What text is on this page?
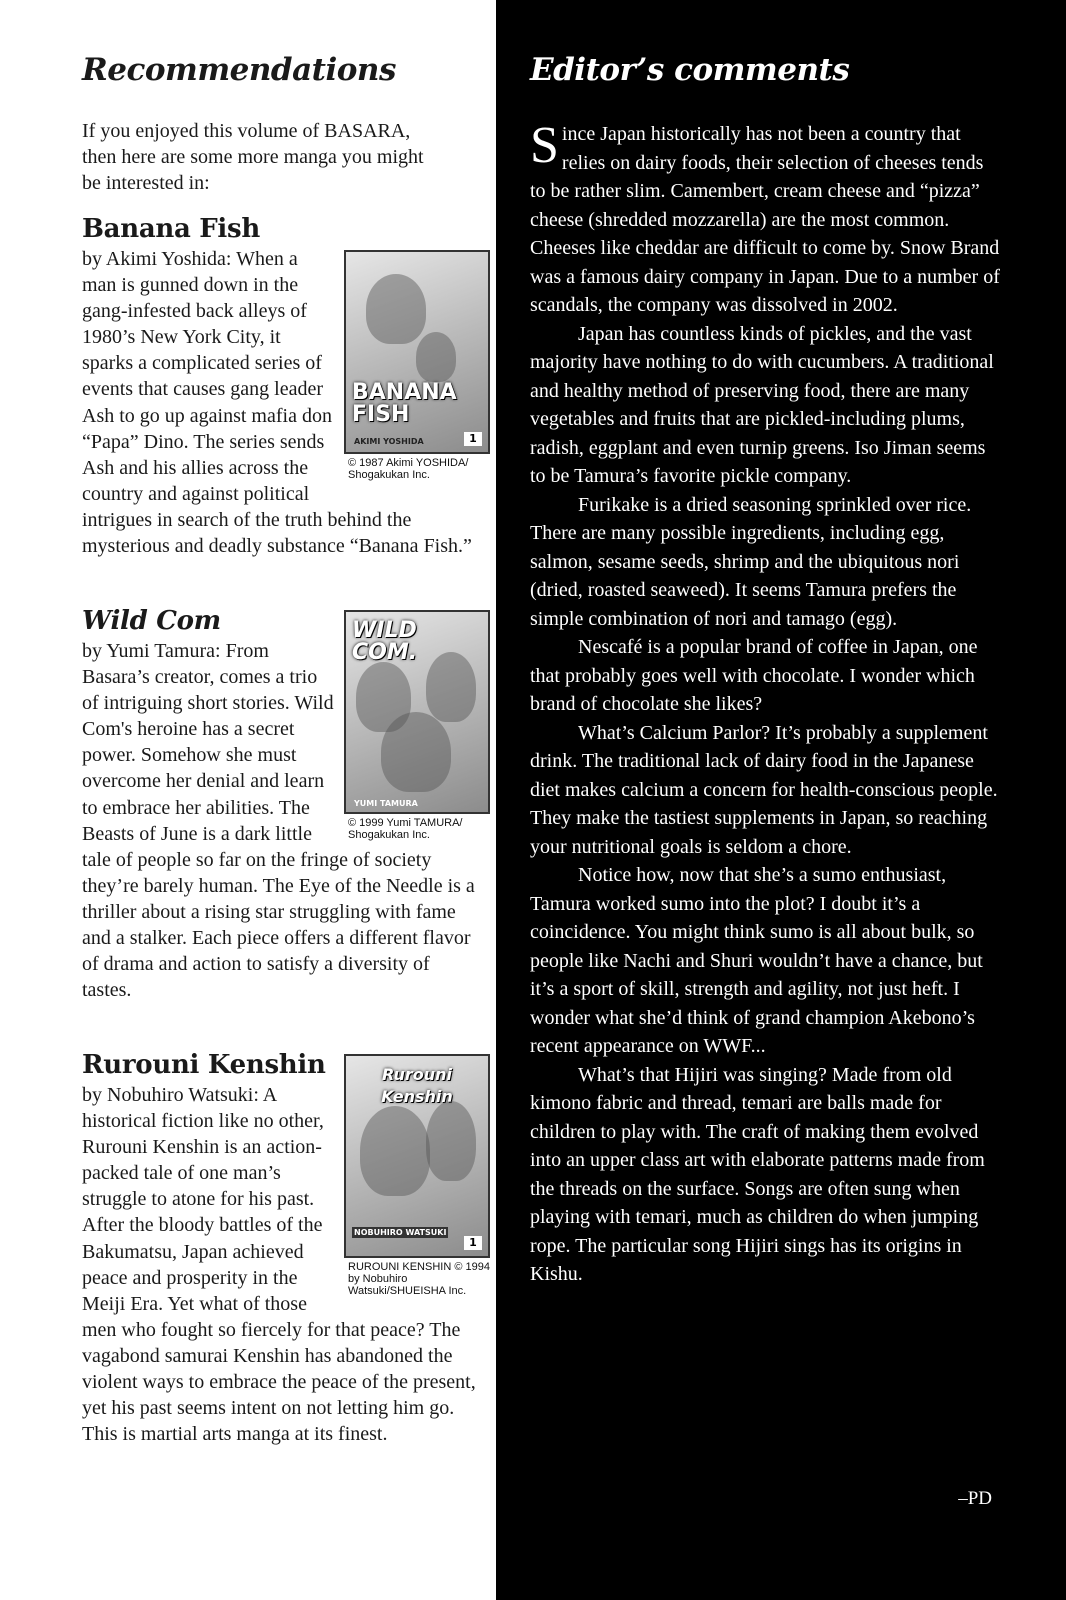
Recommendations

If you enjoyed this volume of BASARA, then here are some more manga you might be interested in:

Banana Fish
BANANA FISH
AKIMI YOSHIDA	1
© 1987 Akimi YOSHIDA/ Shogakukan Inc.

by Akimi Yoshida: When a man is gunned down in the gang-infested back alleys of 1980’s New York City, it sparks a complicated series of events that causes gang leader Ash to go up against mafia don “Papa” Dino. The series sends Ash and his allies across the country and against political intrigues in search of the truth behind the mysterious and deadly substance “Banana Fish.”

Wild Com	WILD COM.
YUMI TAMURA
© 1999 Yumi TAMURA/ Shogakukan Inc.

by Yumi Tamura: From Basara’s creator, comes a trio of intriguing short stories. Wild Com's heroine has a secret power. Somehow she must overcome her denial and learn to embrace her abilities. The Beasts of June is a dark little tale of people so far on the fringe of society they’re barely human. The Eye of the Needle is a thriller about a rising star struggling with fame and a stalker. Each piece offers a different flavor of drama and action to satisfy a diversity of tastes.

Rurouni Kenshin	Rurouni Kenshin
NOBUHIRO WATSUKI
1
RUROUNI KENSHIN © 1994 by Nobuhiro Watsuki/SHUEISHA Inc.

by Nobuhiro Watsuki: A historical fiction like no other, Rurouni Kenshin is an action-packed tale of one man’s struggle to atone for his past. After the bloody battles of the Bakumatsu, Japan achieved peace and prosperity in the Meiji Era. Yet what of those men who fought so fiercely for that peace? The vagabond samurai Kenshin has abandoned the violent ways to embrace the peace of the present, yet his past seems intent on not letting him go. This is martial arts manga at its finest.

Editor’s comments

Since Japan historically has not been a country that relies on dairy foods, their selection of cheeses tends to be rather slim. Camembert, cream cheese and “pizza” cheese (shredded mozzarella) are the most common. Cheeses like cheddar are difficult to come by. Snow Brand was a famous dairy company in Japan. Due to a number of scandals, the company was dissolved in 2002.

Japan has countless kinds of pickles, and the vast majority have nothing to do with cucumbers. A traditional and healthy method of preserving food, there are many vegetables and fruits that are pickled-including plums, radish, eggplant and even turnip greens. Iso Jiman seems to be Tamura’s favorite pickle company.

Furikake is a dried seasoning sprinkled over rice. There are many possible ingredients, including egg, salmon, sesame seeds, shrimp and the ubiquitous nori (dried, roasted seaweed). It seems Tamura prefers the simple combination of nori and tamago (egg).

Nescafé is a popular brand of coffee in Japan, one that probably goes well with chocolate. I wonder which brand of chocolate she likes?

What’s Calcium Parlor? It’s probably a supplement drink. The traditional lack of dairy food in the Japanese diet makes calcium a concern for health-conscious people. They make the tastiest supplements in Japan, so reaching your nutritional goals is seldom a chore.

Notice how, now that she’s a sumo enthusiast, Tamura worked sumo into the plot? I doubt it’s a coincidence. You might think sumo is all about bulk, so people like Nachi and Shuri wouldn’t have a chance, but it’s a sport of skill, strength and agility, not just heft. I wonder what she’d think of grand champion Akebono’s recent appearance on WWF...

What’s that Hijiri was singing? Made from old kimono fabric and thread, temari are balls made for children to play with. The craft of making them evolved into an upper class art with elaborate patterns made from the threads on the surface. Songs are often sung when playing with temari, much as children do when jumping rope. The particular song Hijiri sings has its origins in Kishu.

–PD
